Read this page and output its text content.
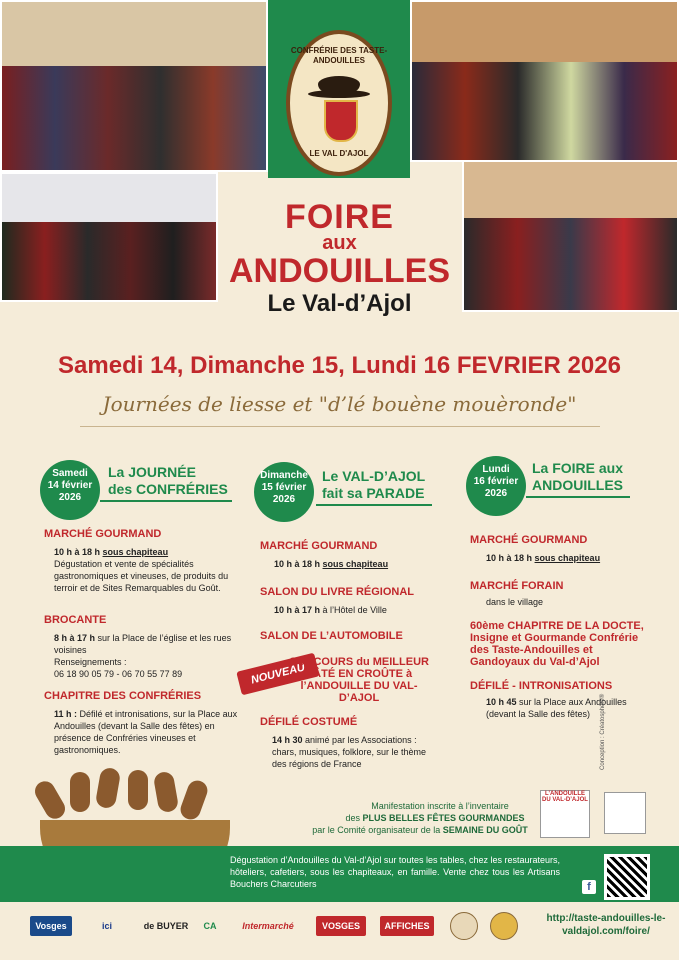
CONFRÉRIE DES TASTE-ANDOUILLES
LE VAL D'AJOL
FOIRE
aux
ANDOUILLES
Le Val-d’Ajol
Samedi 14, Dimanche 15, Lundi 16 FEVRIER 2026
Journées de liesse et "d’lé bouène mouèronde"
Samedi
14 février
2026
La JOURNÉE
des CONFRÉRIES
MARCHÉ GOURMAND
10 h à 18 h sous chapiteau
Dégustation et vente de spécialités gastronomiques et vineuses, de produits du terroir et de Sites Remarquables du Goût.
BROCANTE
8 h à 17 h sur la Place de l’église et les rues voisines
Renseignements :
06 18 90 05 79 - 06 70 55 77 89
CHAPITRE DES CONFRÉRIES
11 h : Défilé et intronisations, sur la Place aux Andouilles (devant la Salle des fêtes) en présence de Confréries vineuses et gastronomiques.
Dimanche
15 février
2026
Le VAL-D’AJOL
fait sa PARADE
MARCHÉ GOURMAND
10 h à 18 h sous chapiteau
SALON DU LIVRE RÉGIONAL
10 h à 17 h à l’Hôtel de Ville
SALON DE L’AUTOMOBILE
NOUVEAU
CONCOURS du MEILLEUR PÂTÉ EN CROÛTE à l’ANDOUILLE DU VAL-D’AJOL
DÉFILÉ COSTUMÉ
14 h 30 animé par les Associations : chars, musiques, folklore, sur le thème des régions de France
Lundi
16 février
2026
La FOIRE aux
ANDOUILLES
MARCHÉ GOURMAND
10 h à 18 h sous chapiteau
MARCHÉ FORAIN
dans le village
60ème CHAPITRE DE LA DOCTE, Insigne et Gourmande Confrérie des Taste-Andouilles et Gandoyaux du Val-d’Ajol
DÉFILÉ - INTRONISATIONS
10 h 45 sur la Place aux Andouilles (devant la Salle des fêtes)
Manifestation inscrite à l’inventaire
des PLUS BELLES FÊTES GOURMANDES
par le Comité organisateur de la SEMAINE DU GOÛT
L’ANDOUILLE DU VAL-D’AJOL
Conception : Créatosphère®
Dégustation d’Andouilles du Val-d’Ajol sur toutes les tables, chez les restaurateurs, hôteliers, cafetiers, sous les chapiteaux, en famille. Vente chez tous les Artisans Bouchers Charcutiers	f
Vosges	ici	de BUYER	CA	Intermarché	VOSGES	AFFICHES
http://taste-andouilles-le-valdajol.com/foire/
